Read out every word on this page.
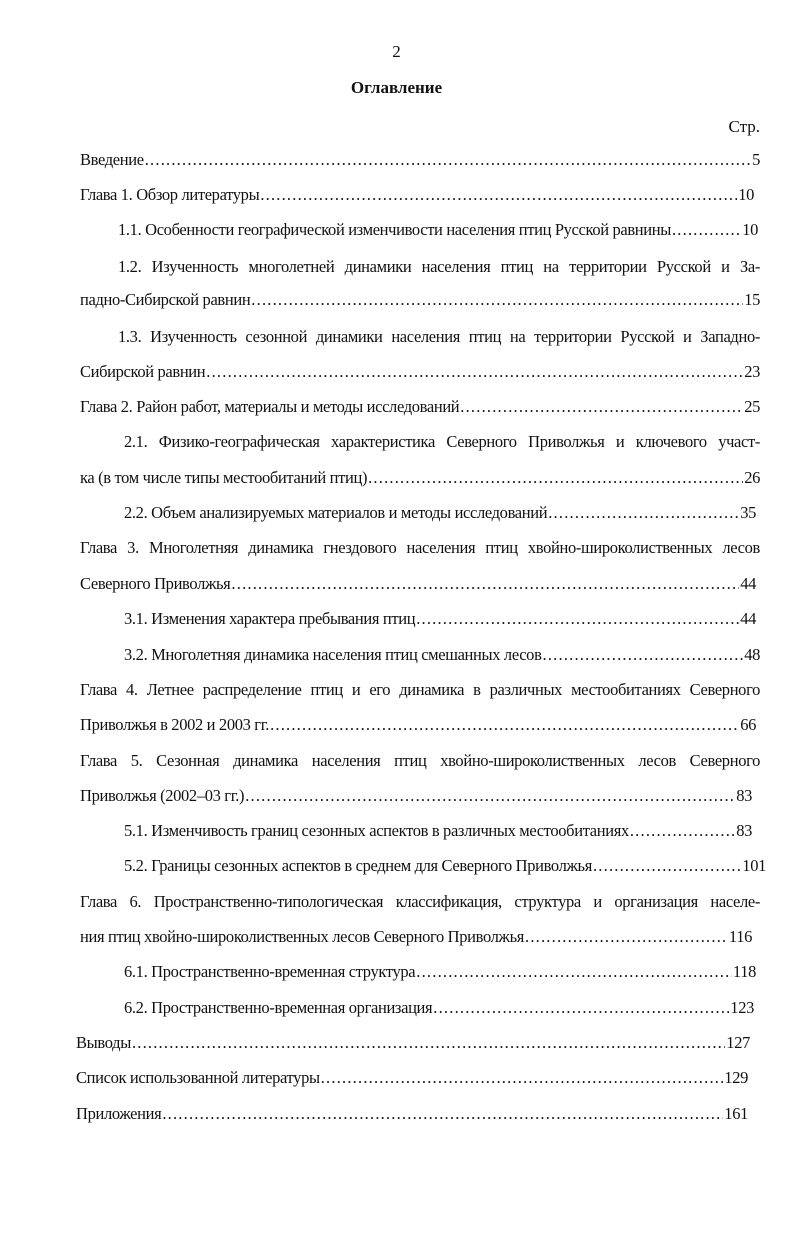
2
Оглавление
Стр.
Введение .....	5
Глава 1. Обзор литературы .....	10
1.1. Особенности географической изменчивости населения птиц Русской равнины .....	10
1.2. Изученность многолетней динамики населения птиц на территории Русской и За-
падно-Сибирской равнин .....	15
1.3. Изученность сезонной динамики населения птиц на территории Русской и Западно-
Сибирской равнин .....	23
Глава 2. Район работ, материалы и методы исследований .....	25
2.1. Физико-географическая характеристика Северного Приволжья и ключевого участ-
ка (в том числе типы местообитаний птиц) .....	26
2.2. Объем анализируемых материалов и методы исследований .....	35
Глава 3. Многолетняя динамика гнездового населения птиц хвойно-широколиственных лесов
Северного Приволжья .....	44
3.1. Изменения характера пребывания птиц .....	44
3.2. Многолетняя динамика населения птиц смешанных лесов .....	48
Глава 4. Летнее распределение птиц и его динамика в различных местообитаниях Северного
Приволжья в 2002 и 2003 гг. .....	66
Глава 5. Сезонная динамика населения птиц хвойно-широколиственных лесов Северного
Приволжья (2002–03 гг.) .....	83
5.1. Изменчивость границ сезонных аспектов в различных местообитаниях .....	83
5.2. Границы сезонных аспектов в среднем для Северного Приволжья .....	101
Глава 6. Пространственно-типологическая классификация, структура и организация населе-
ния птиц хвойно-широколиственных лесов Северного Приволжья .....	116
6.1. Пространственно-временная структура .....	118
6.2. Пространственно-временная организация .....	123
Выводы .....	127
Список использованной литературы .....	129
Приложения .....	161
